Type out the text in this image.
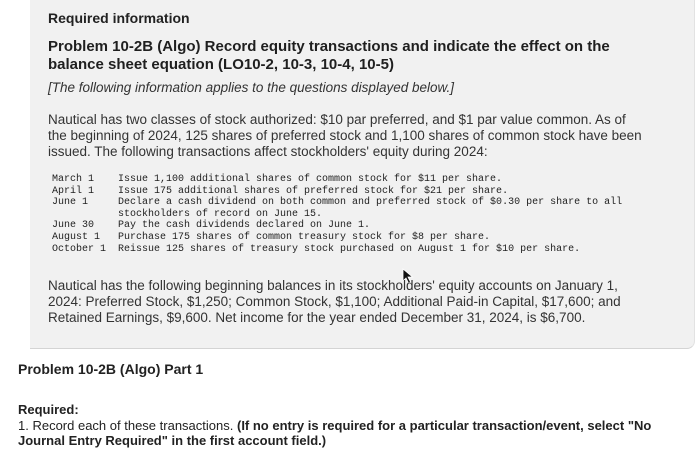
Required information
Problem 10-2B (Algo) Record equity transactions and indicate the effect on the balance sheet equation (LO10-2, 10-3, 10-4, 10-5)
[The following information applies to the questions displayed below.]
Nautical has two classes of stock authorized: $10 par preferred, and $1 par value common. As of the beginning of 2024, 125 shares of preferred stock and 1,100 shares of common stock have been issued. The following transactions affect stockholders' equity during 2024:
March 1	Issue 1,100 additional shares of common stock for $11 per share.
April 1	Issue 175 additional shares of preferred stock for $21 per share.
June 1	Declare a cash dividend on both common and preferred stock of $0.30 per share to all stockholders of record on June 15.
June 30	Pay the cash dividends declared on June 1.
August 1	Purchase 175 shares of common treasury stock for $8 per share.
October 1	Reissue 125 shares of treasury stock purchased on August 1 for $10 per share.
Nautical has the following beginning balances in its stockholders' equity accounts on January 1, 2024: Preferred Stock, $1,250; Common Stock, $1,100; Additional Paid-in Capital, $17,600; and Retained Earnings, $9,600. Net income for the year ended December 31, 2024, is $6,700.
Problem 10-2B (Algo) Part 1
Required:
1. Record each of these transactions. (If no entry is required for a particular transaction/event, select "No Journal Entry Required" in the first account field.)
